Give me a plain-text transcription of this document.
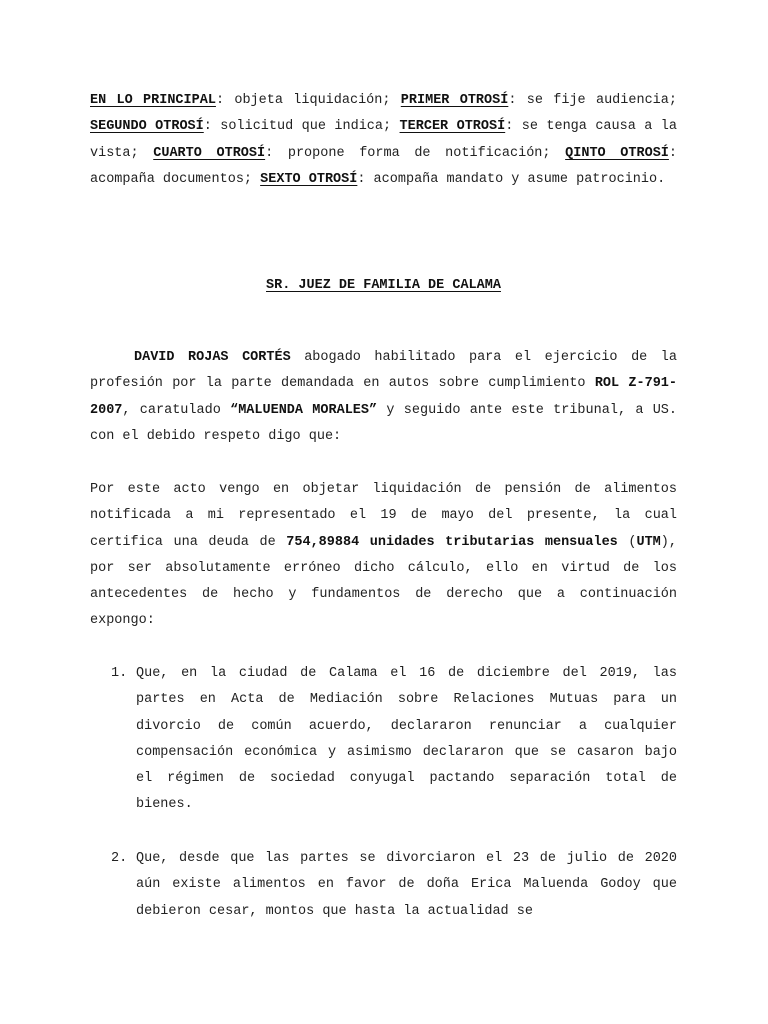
EN LO PRINCIPAL: objeta liquidación; PRIMER OTROSÍ: se fije audiencia; SEGUNDO OTROSÍ: solicitud que indica; TERCER OTROSÍ: se tenga causa a la vista; CUARTO OTROSÍ: propone forma de notificación; QINTO OTROSÍ: acompaña documentos; SEXTO OTROSÍ: acompaña mandato y asume patrocinio.

SR. JUEZ DE FAMILIA DE CALAMA

DAVID ROJAS CORTÉS abogado habilitado para el ejercicio de la profesión por la parte demandada en autos sobre cumplimiento ROL Z-791-2007, caratulado “MALUENDA MORALES” y seguido ante este tribunal, a US. con el debido respeto digo que:

Por este acto vengo en objetar liquidación de pensión de alimentos notificada a mi representado el 19 de mayo del presente, la cual certifica una deuda de 754,89884 unidades tributarias mensuales (UTM), por ser absolutamente erróneo dicho cálculo, ello en virtud de los antecedentes de hecho y fundamentos de derecho que a continuación expongo:

1. Que, en la ciudad de Calama el 16 de diciembre del 2019, las partes en Acta de Mediación sobre Relaciones Mutuas para un divorcio de común acuerdo, declararon renunciar a cualquier compensación económica y asimismo declararon que se casaron bajo el régimen de sociedad conyugal pactando separación total de bienes.

2. Que, desde que las partes se divorciaron el 23 de julio de 2020 aún existe alimentos en favor de doña Erica Maluenda Godoy que debieron cesar, montos que hasta la actualidad se
